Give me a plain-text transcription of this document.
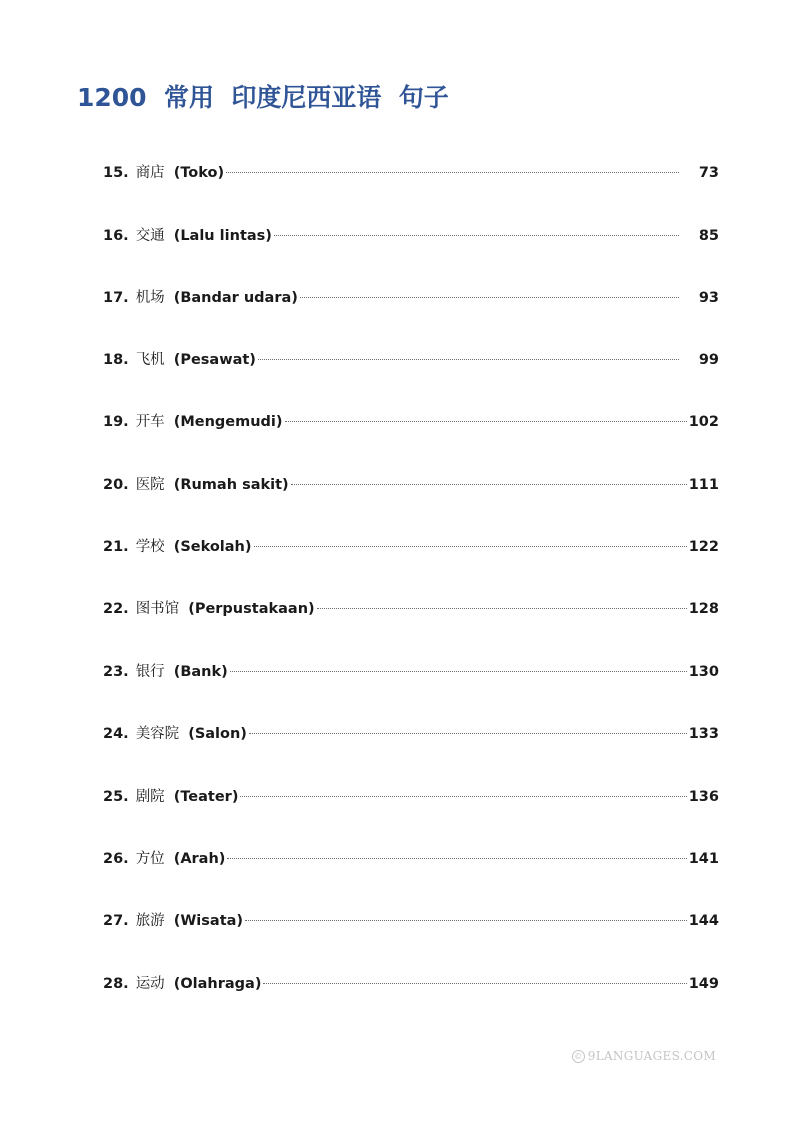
1200  常用  印度尼西亚语  句子
15. 商店 (Toko)	73
16. 交通 (Lalu lintas)	85
17. 机场 (Bandar udara)	93
18. 飞机 (Pesawat)	99
19. 开车 (Mengemudi)	102
20. 医院 (Rumah sakit)	111
21. 学校 (Sekolah)	122
22. 图书馆 (Perpustakaan)	128
23. 银行 (Bank)	130
24. 美容院 (Salon)	133
25. 剧院 (Teater)	136
26. 方位 (Arah)	141
27. 旅游 (Wisata)	144
28. 运动 (Olahraga)	149
© 9LANGUAGES.COM
